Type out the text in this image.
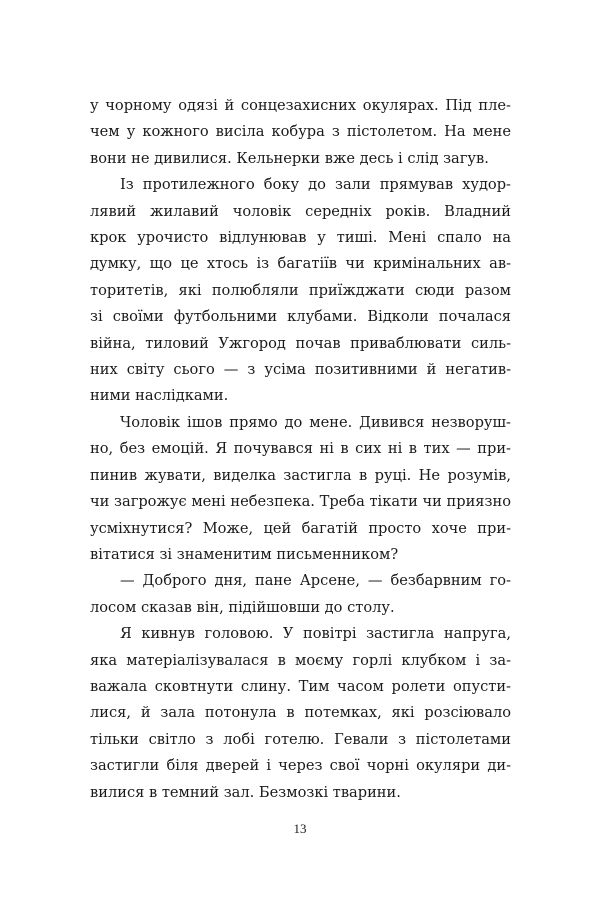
у чорному одязі й сонцезахисних окулярах. Під пле-
чем у кожного висіла кобура з пістолетом. На мене
вони не дивилися. Кельнерки вже десь і слід загув.

Із протилежного боку до зали прямував худор-
лявий жилавий чоловік середніх років. Владний
крок урочисто відлунював у тиші. Мені спало на
думку, що це хтось із багатіїв чи кримінальних ав-
торитетів, які полюбляли приїжджати сюди разом
зі своїми футбольними клубами. Відколи почалася
війна, тиловий Ужгород почав приваблювати силь-
них світу сього — з усіма позитивними й негатив-
ними наслідками.

Чоловік ішов прямо до мене. Дивився незворуш-
но, без емоцій. Я почувався ні в сих ні в тих — при-
пинив жувати, виделка застигла в руці. Не розумів,
чи загрожує мені небезпека. Треба тікати чи приязно
усміхнутися? Може, цей багатій просто хоче при-
вітатися зі знаменитим письменником?

— Доброго дня, пане Арсене, — безбарвним го-
лосом сказав він, підійшовши до столу.

Я кивнув головою. У повітрі застигла напруга,
яка матеріалізувалася в моєму горлі клубком і за-
важала сковтнути слину. Тим часом ролети опусти-
лися, й зала потонула в потемках, які розсіювало
тільки світло з лобі готелю. Гевали з пістолетами
застигли біля дверей і через свої чорні окуляри ди-
вилися в темний зал. Безмозкі тварини.

13
